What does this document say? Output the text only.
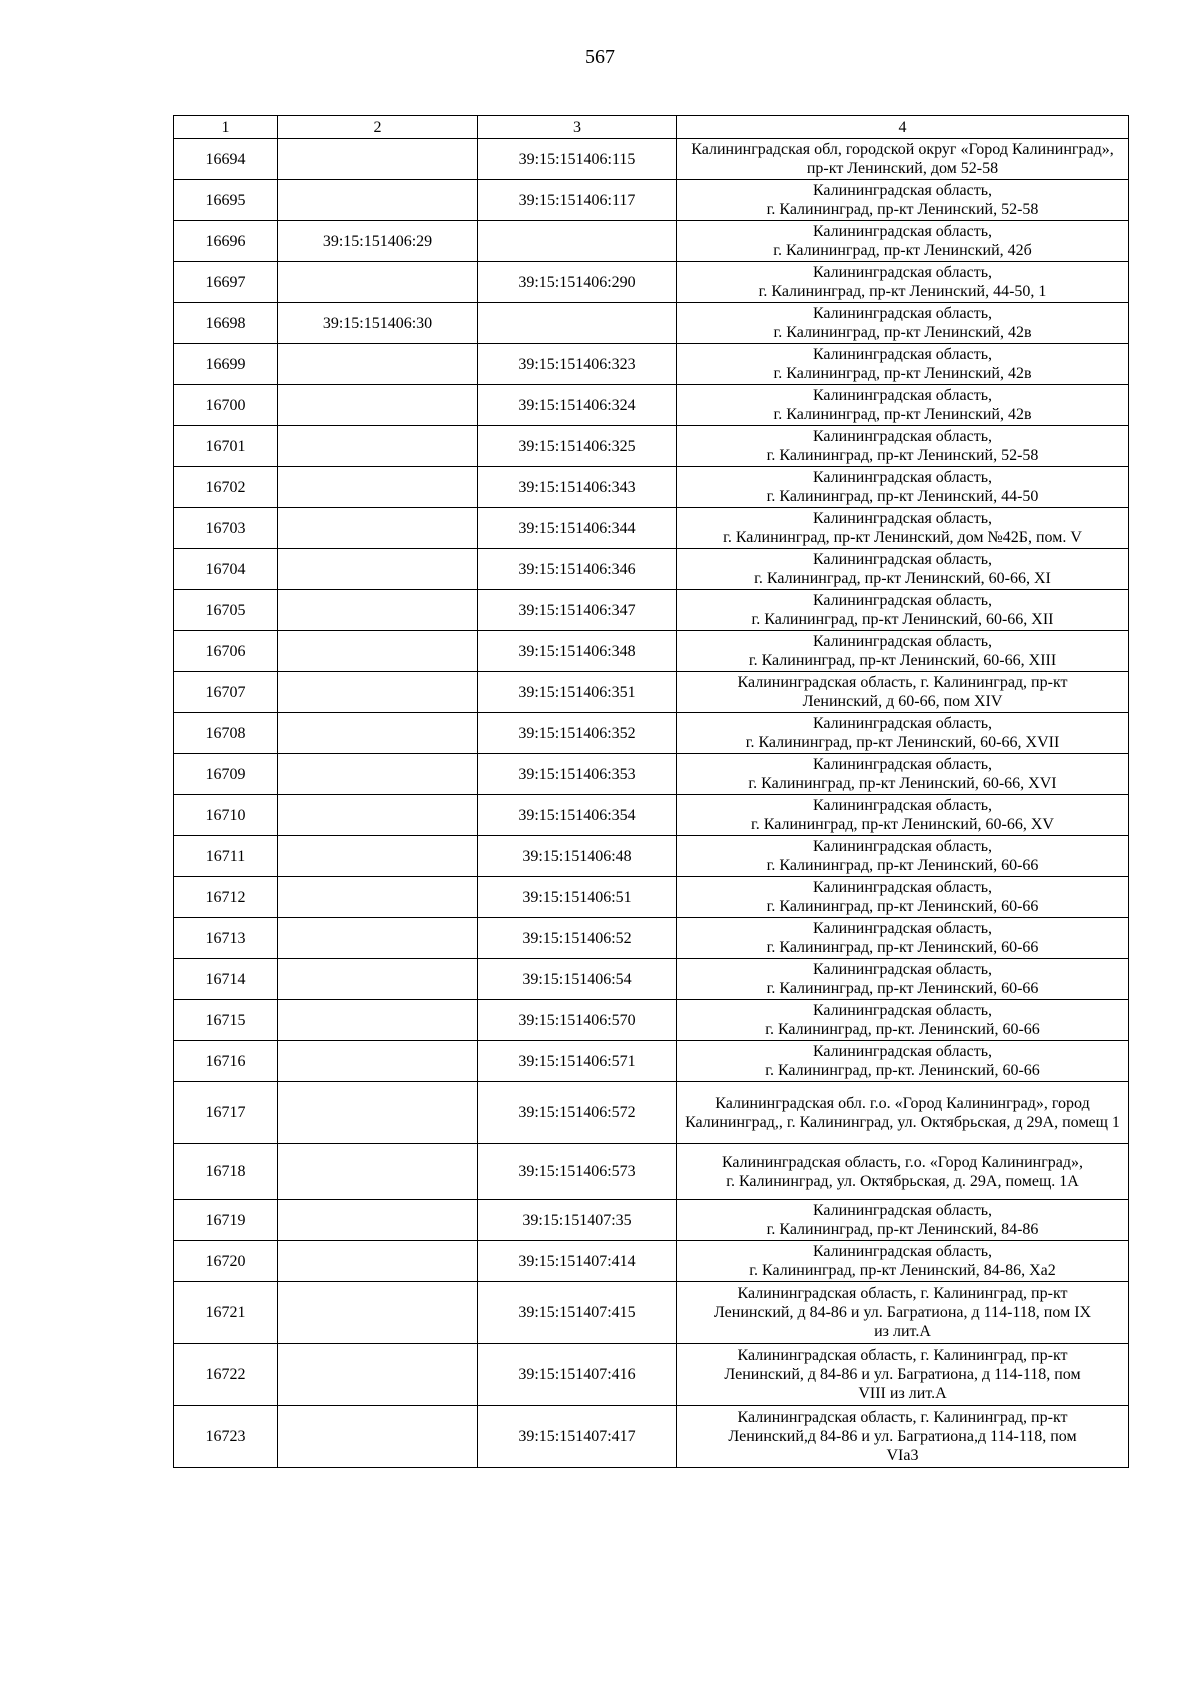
567
1	2	3	4
16694		39:15:151406:115	Калининградская обл, городской округ «Город Калининград», пр-кт Ленинский, дом 52-58
16695		39:15:151406:117	Калининградская область,
г. Калининград, пр-кт Ленинский, 52-58
16696	39:15:151406:29		Калининградская область,
г. Калининград, пр-кт Ленинский, 42б
16697		39:15:151406:290	Калининградская область,
г. Калининград, пр-кт Ленинский, 44-50, 1
16698	39:15:151406:30		Калининградская область,
г. Калининград, пр-кт Ленинский, 42в
16699		39:15:151406:323	Калининградская область,
г. Калининград, пр-кт Ленинский, 42в
16700		39:15:151406:324	Калининградская область,
г. Калининград, пр-кт Ленинский, 42в
16701		39:15:151406:325	Калининградская область,
г. Калининград, пр-кт Ленинский, 52-58
16702		39:15:151406:343	Калининградская область,
г. Калининград, пр-кт Ленинский, 44-50
16703		39:15:151406:344	Калининградская область,
г. Калининград, пр-кт Ленинский, дом №42Б, пом. V
16704		39:15:151406:346	Калининградская область,
г. Калининград, пр-кт Ленинский, 60-66, XI
16705		39:15:151406:347	Калининградская область,
г. Калининград, пр-кт Ленинский, 60-66, XII
16706		39:15:151406:348	Калининградская область,
г. Калининград, пр-кт Ленинский, 60-66, XIII
16707		39:15:151406:351	Калининградская область, г. Калининград, пр-кт
Ленинский, д 60-66, пом XIV
16708		39:15:151406:352	Калининградская область,
г. Калининград, пр-кт Ленинский, 60-66, XVII
16709		39:15:151406:353	Калининградская область,
г. Калининград, пр-кт Ленинский, 60-66, XVI
16710		39:15:151406:354	Калининградская область,
г. Калининград, пр-кт Ленинский, 60-66, XV
16711		39:15:151406:48	Калининградская область,
г. Калининград, пр-кт Ленинский, 60-66
16712		39:15:151406:51	Калининградская область,
г. Калининград, пр-кт Ленинский, 60-66
16713		39:15:151406:52	Калининградская область,
г. Калининград, пр-кт Ленинский, 60-66
16714		39:15:151406:54	Калининградская область,
г. Калининград, пр-кт Ленинский, 60-66
16715		39:15:151406:570	Калининградская область,
г. Калининград, пр-кт. Ленинский, 60-66
16716		39:15:151406:571	Калининградская область,
г. Калининград, пр-кт. Ленинский, 60-66
16717		39:15:151406:572	Калининградская обл. г.о. «Город Калининград», город Калининград,, г. Калининград, ул. Октябрьская, д 29А, помещ 1
16718		39:15:151406:573	Калининградская область, г.о. «Город Калининград»,
г. Калининград, ул. Октябрьская, д. 29А, помещ. 1А
16719		39:15:151407:35	Калининградская область,
г. Калининград, пр-кт Ленинский, 84-86
16720		39:15:151407:414	Калининградская область,
г. Калининград, пр-кт Ленинский, 84-86, Ха2
16721		39:15:151407:415	Калининградская область, г. Калининград, пр-кт
Ленинский, д 84-86 и ул. Багратиона, д 114-118, пом IX
из лит.А
16722		39:15:151407:416	Калининградская область, г. Калининград, пр-кт
Ленинский, д 84-86 и ул. Багратиона, д 114-118, пом
VIII из лит.А
16723		39:15:151407:417	Калининградская область, г. Калининград, пр-кт
Ленинский,д 84-86 и ул. Багратиона,д 114-118, пом
VIа3
